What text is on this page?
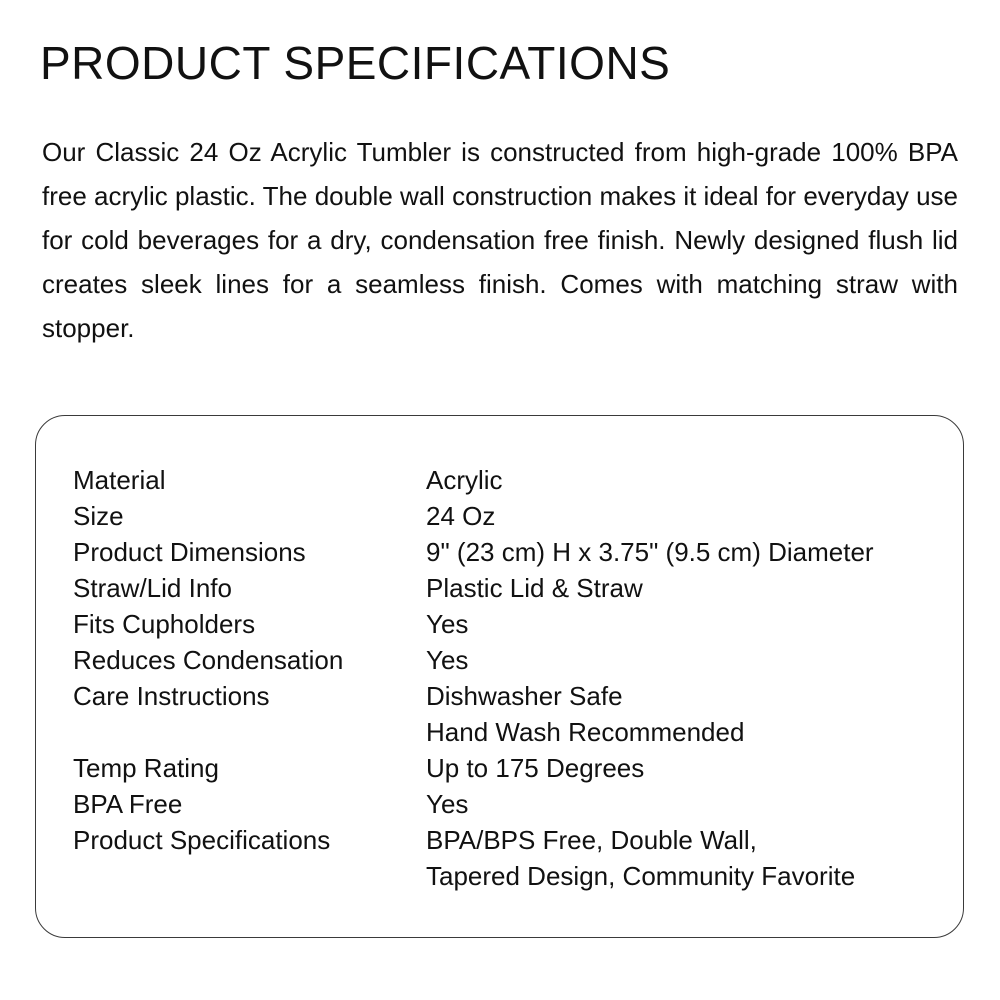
PRODUCT SPECIFICATIONS

Our Classic 24 Oz Acrylic Tumbler is constructed from high-grade 100% BPA free acrylic plastic. The double wall construction makes it ideal for everyday use for cold beverages for a dry, condensation free finish. Newly designed flush lid creates sleek lines for a seamless finish. Comes with matching straw with stopper.

Material	Acrylic
Size	24 Oz
Product Dimensions	9" (23 cm) H x 3.75" (9.5 cm) Diameter
Straw/Lid Info	Plastic Lid & Straw
Fits Cupholders	Yes
Reduces Condensation	Yes
Care Instructions	Dishwasher Safe
Hand Wash Recommended
Temp Rating	Up to 175 Degrees
BPA Free	Yes
Product Specifications	BPA/BPS Free, Double Wall,
Tapered Design, Community Favorite
